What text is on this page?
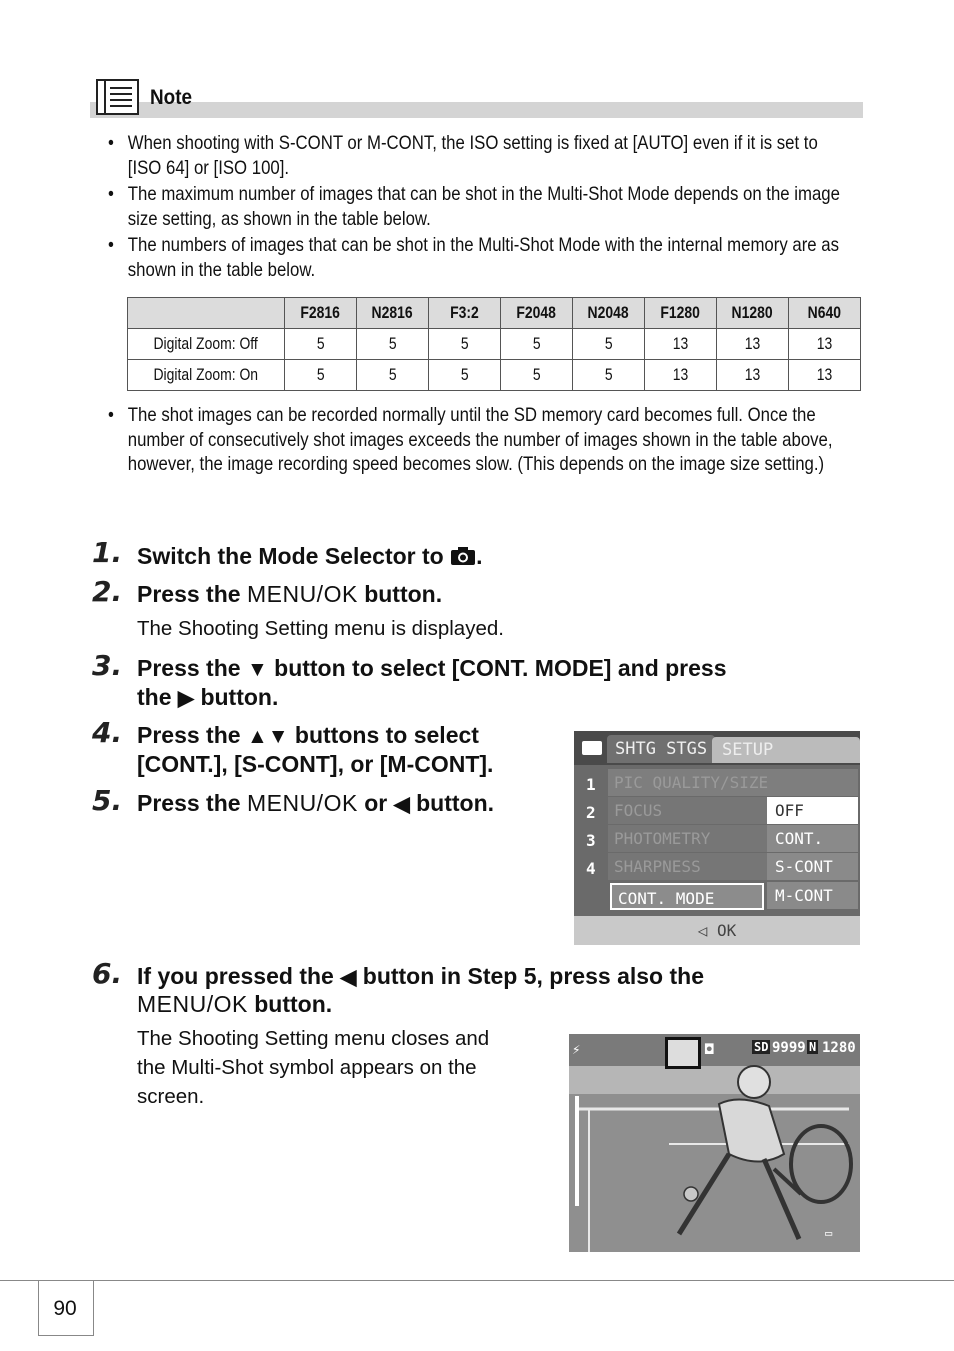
Note
• When shooting with S-CONT or M-CONT, the ISO setting is fixed at [AUTO] even if it is set to [ISO 64] or [ISO 100].
• The maximum number of images that can be shot in the Multi-Shot Mode depends on the image size setting, as shown in the table below.
• The numbers of images that can be shot in the Multi-Shot Mode with the internal memory are as shown in the table below.
	F2816	N2816	F3:2	F2048	N2048	F1280	N1280	N640
Digital Zoom: Off	5	5	5	5	5	13	13	13
Digital Zoom: On	5	5	5	5	5	13	13	13
• The shot images can be recorded normally until the SD memory card becomes full. Once the number of consecutively shot images exceeds the number of images shown in the table above, however, the image recording speed becomes slow. (This depends on the image size setting.)
1. Switch the Mode Selector to .
2. Press the MENU/OK button.
The Shooting Setting menu is displayed.
3. Press the ▼ button to select [CONT. MODE] and press
the ▶ button.
4. Press the ▲▼ buttons to select
[CONT.], [S-CONT], or [M-CONT].
5. Press the MENU/OK or ◀ button.
SHTG STGS SETUP
1
2
3
4
PIC QUALITY/SIZE
FOCUS
PHOTOMETRY
SHARPNESS
CONT. MODE
OFF
CONT.
S-CONT
M-CONT
◁ OK
6. If you pressed the ◀ button in Step 5, press also the
MENU/OK button.
The Shooting Setting menu closes and
the Multi-Shot symbol appears on the
screen.
⚡	◘	SD 9999 N 1280
▭
90
